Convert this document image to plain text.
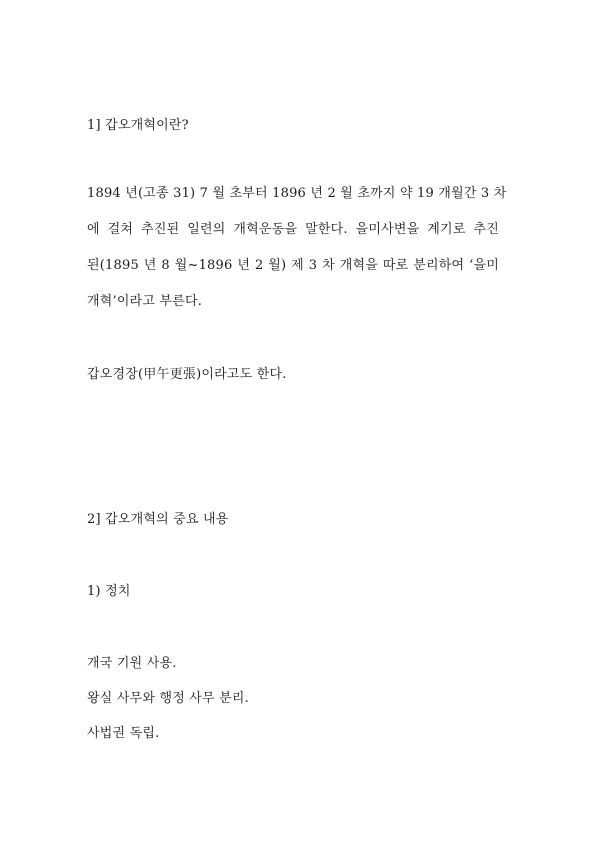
1] 갑오개혁이란?
1894 년(고종 31) 7 월 초부터 1896 년 2 월 초까지 약 19 개월간 3 차
에 걸쳐 추진된 일련의 개혁운동을 말한다. 을미사변을 계기로 추진
된(1895 년 8 월~1896 년 2 월) 제 3 차 개혁을 따로 분리하여 ‘을미
개혁’이라고 부른다.
갑오경장(甲午更張)이라고도 한다.
2] 갑오개혁의 중요 내용
1) 정치
개국 기원 사용.
왕실 사무와 행정 사무 분리.
사법권 독립.
